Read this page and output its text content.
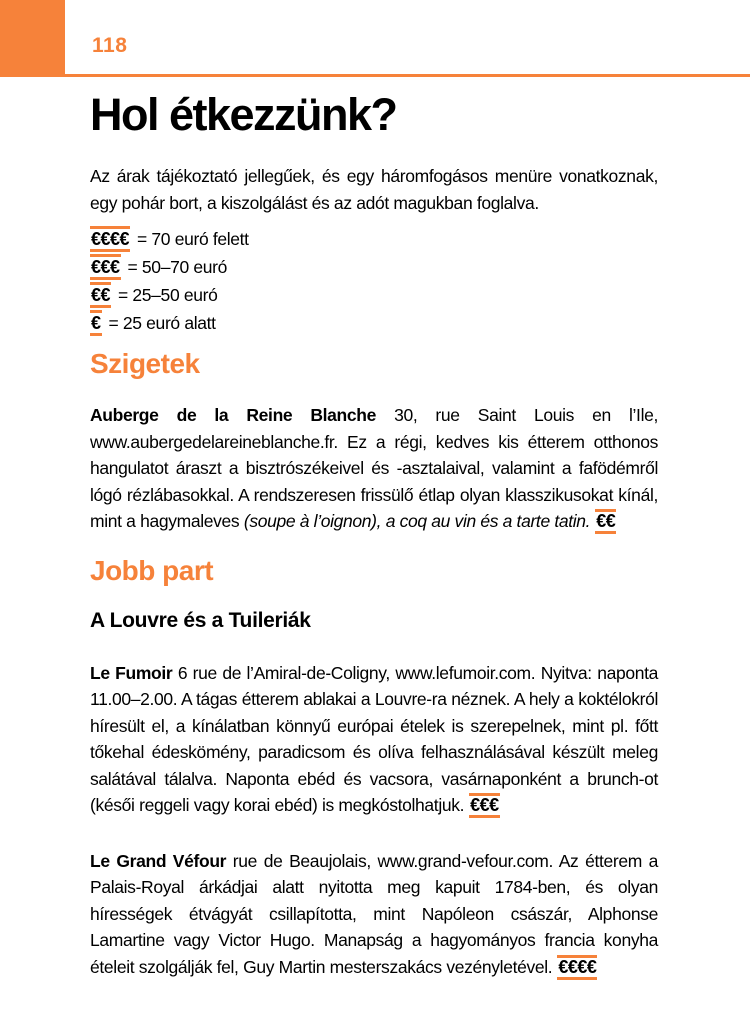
118
Hol étkezzünk?

Az árak tájékoztató jellegűek, és egy háromfogásos menüre vonatkoznak, egy pohár bort, a kiszolgálást és az adót magukban foglalva.

€€€€ = 70 euró felett
€€€ = 50–70 euró
€€ = 25–50 euró
€ = 25 euró alatt
Szigetek

Auberge de la Reine Blanche 30, rue Saint Louis en l’Ile, www.aubergedelareineblanche.fr. Ez a régi, kedves kis étterem otthonos hangulatot áraszt a bisztrószékeivel és -asztalaival, valamint a fafödémről lógó rézlábasokkal. A rendszeresen frissülő étlap olyan klasszikusokat kínál, mint a hagymaleves (soupe à l’oignon), a coq au vin és a tarte tatin. €€

Jobb part
A Louvre és a Tuileriák

Le Fumoir 6 rue de l’Amiral-de-Coligny, www.lefumoir.com. Nyitva: naponta 11.00–2.00. A tágas étterem ablakai a Louvre-ra néznek. A hely a koktélokról híresült el, a kínálatban könnyű európai ételek is szerepelnek, mint pl. főtt tőkehal édeskömény, paradicsom és olíva felhasználásával készült meleg salátával tálalva. Naponta ebéd és vacsora, vasárnaponként a brunch-ot (késői reggeli vagy korai ebéd) is megkóstolhatjuk. €€€

Le Grand Véfour rue de Beaujolais, www.grand-vefour.com. Az étterem a Palais-Royal árkádjai alatt nyitotta meg kapuit 1784-ben, és olyan hírességek étvágyát csillapította, mint Napóleon császár, Alphonse Lamartine vagy Victor Hugo. Manapság a hagyományos francia konyha ételeit szolgálják fel, Guy Martin mesterszakács vezényletével. €€€€
